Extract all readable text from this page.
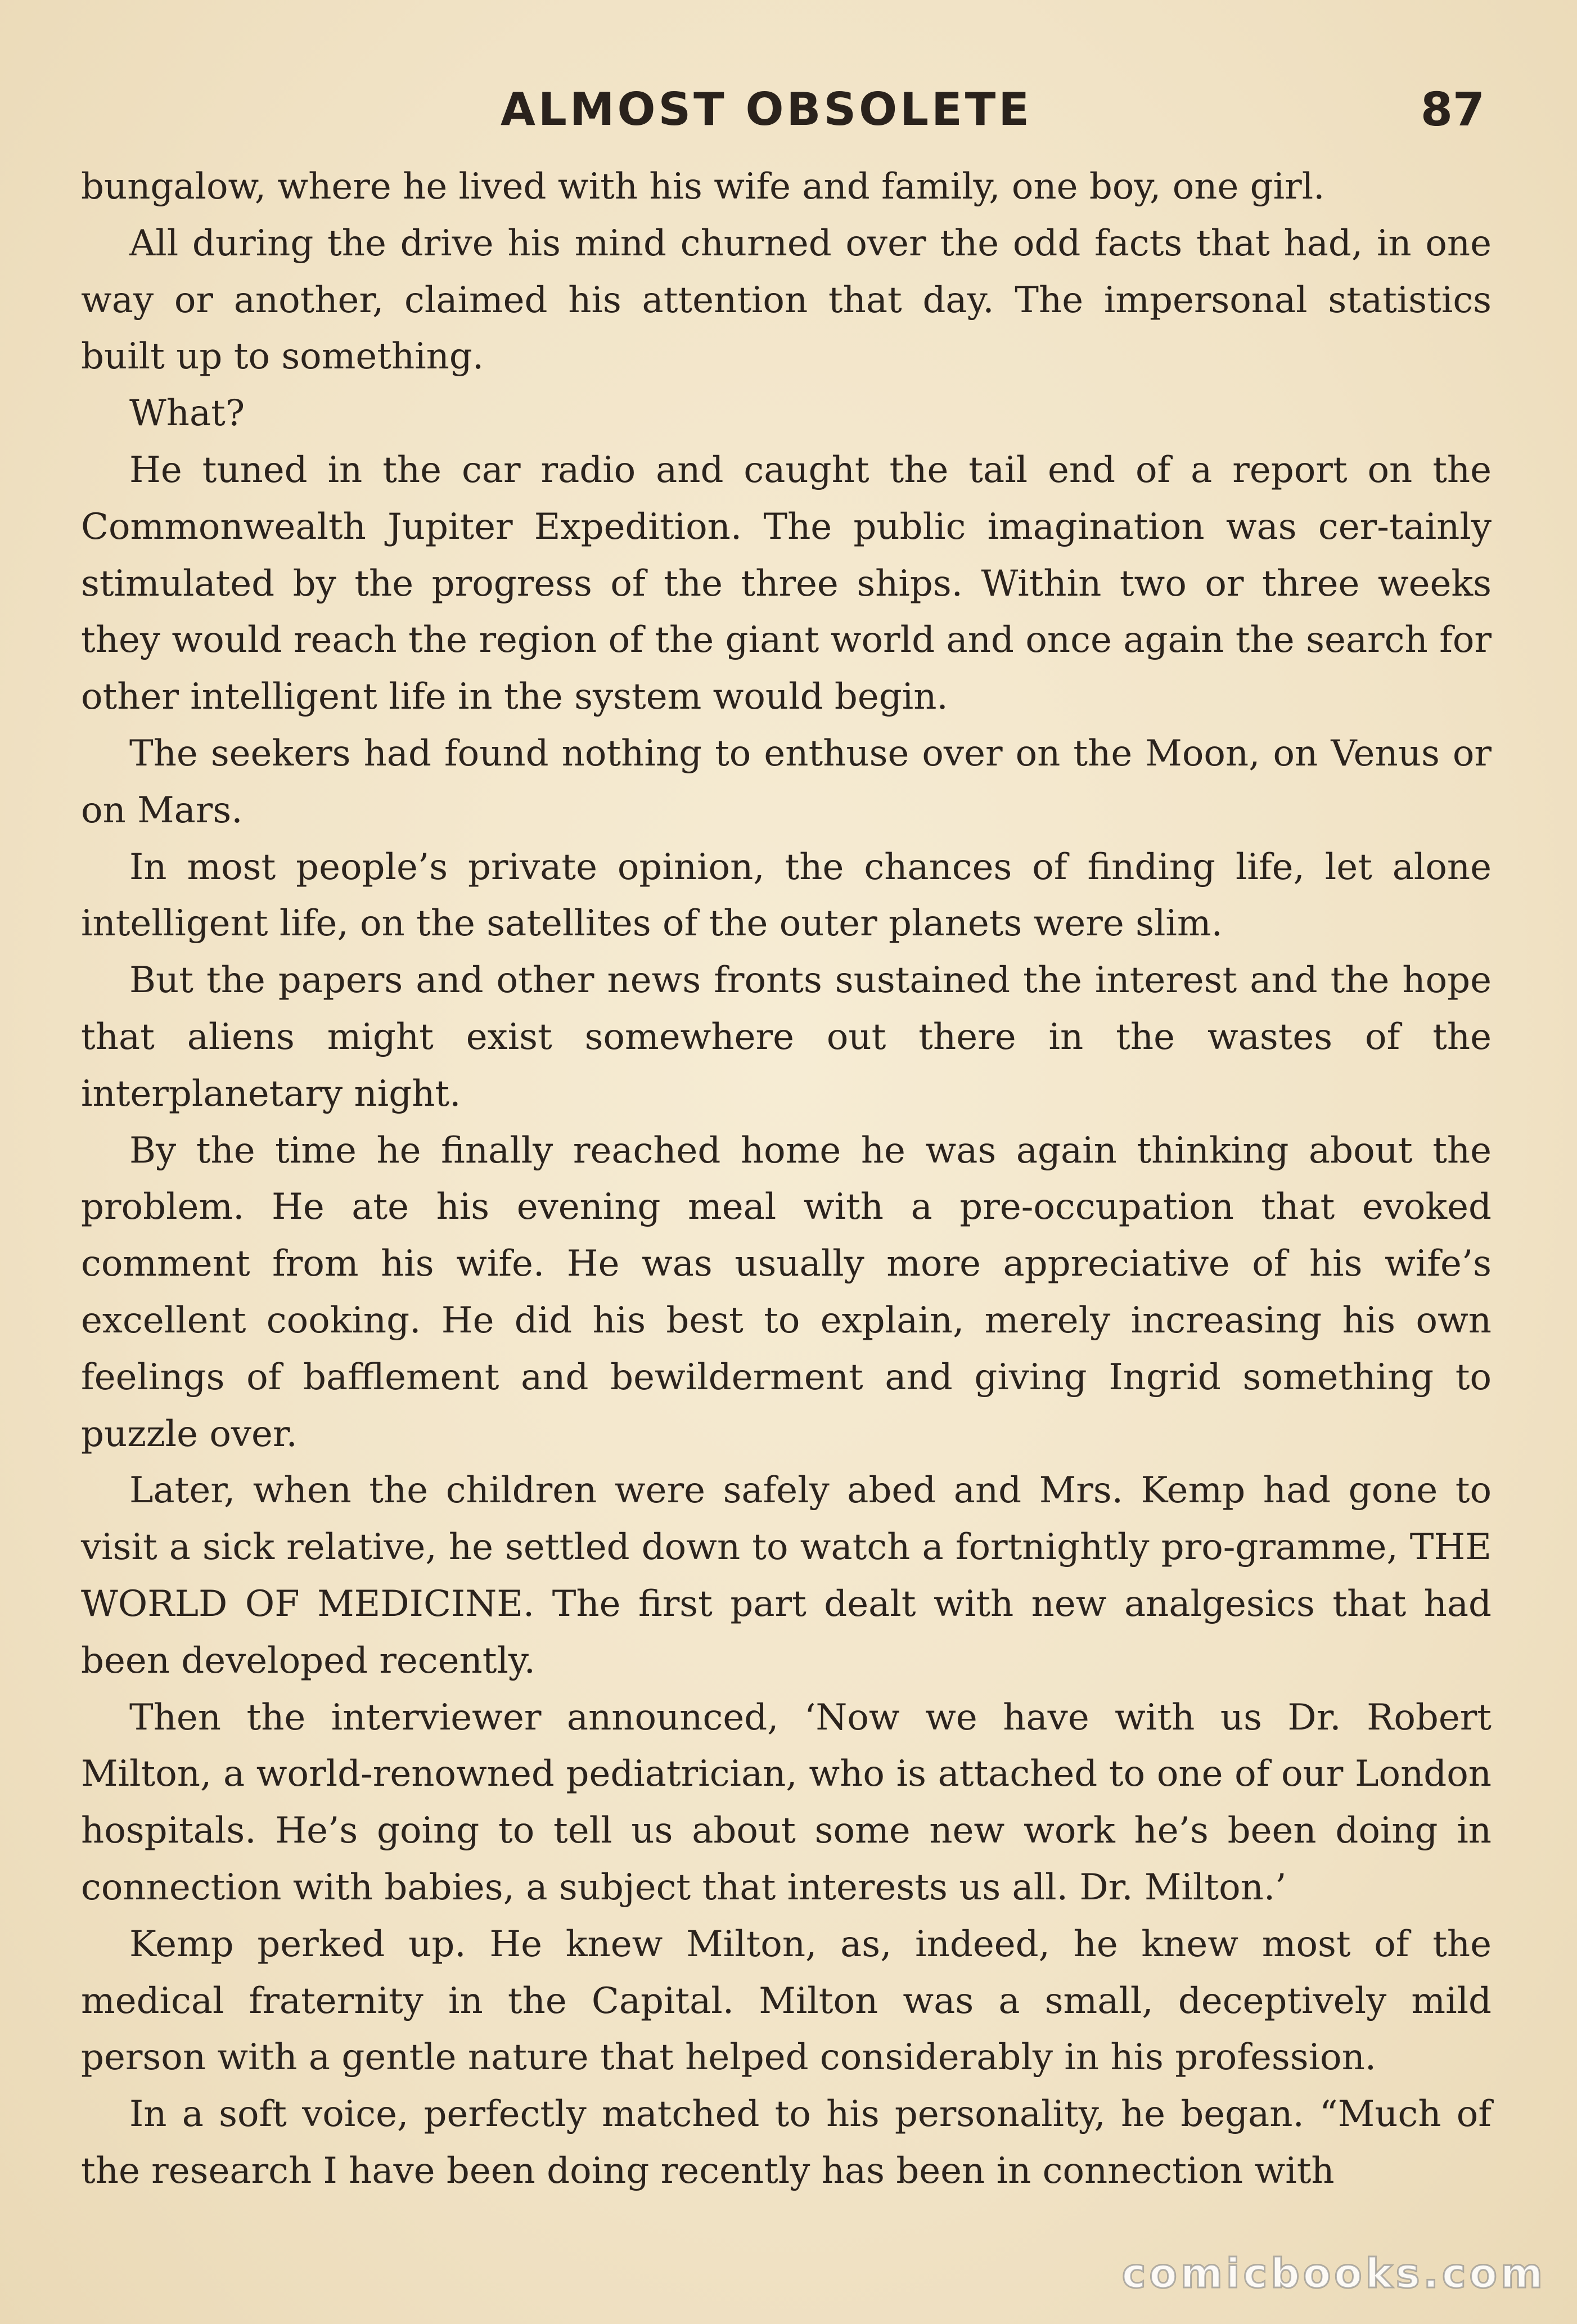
ALMOST OBSOLETE	87

bungalow, where he lived with his wife and family, one boy, one girl.

All during the drive his mind churned over the odd facts that had, in one way or another, claimed his attention that day. The impersonal statistics built up to something.

What?

He tuned in the car radio and caught the tail end of a report on the Commonwealth Jupiter Expedition. The public imagination was cer-tainly stimulated by the progress of the three ships. Within two or three weeks they would reach the region of the giant world and once again the search for other intelligent life in the system would begin.

The seekers had found nothing to enthuse over on the Moon, on Venus or on Mars.

In most people’s private opinion, the chances of finding life, let alone intelligent life, on the satellites of the outer planets were slim.

But the papers and other news fronts sustained the interest and the hope that aliens might exist somewhere out there in the wastes of the interplanetary night.

By the time he finally reached home he was again thinking about the problem. He ate his evening meal with a pre-occupation that evoked comment from his wife. He was usually more appreciative of his wife’s excellent cooking. He did his best to explain, merely increasing his own feelings of bafflement and bewilderment and giving Ingrid something to puzzle over.

Later, when the children were safely abed and Mrs. Kemp had gone to visit a sick relative, he settled down to watch a fortnightly pro-gramme, THE WORLD OF MEDICINE. The first part dealt with new analgesics that had been developed recently.

Then the interviewer announced, ‘Now we have with us Dr. Robert Milton, a world-renowned pediatrician, who is attached to one of our London hospitals. He’s going to tell us about some new work he’s been doing in connection with babies, a subject that interests us all. Dr. Milton.’

Kemp perked up. He knew Milton, as, indeed, he knew most of the medical fraternity in the Capital. Milton was a small, deceptively mild person with a gentle nature that helped considerably in his profession.

In a soft voice, perfectly matched to his personality, he began. “Much of the research I have been doing recently has been in connection with

comicbooks.com
